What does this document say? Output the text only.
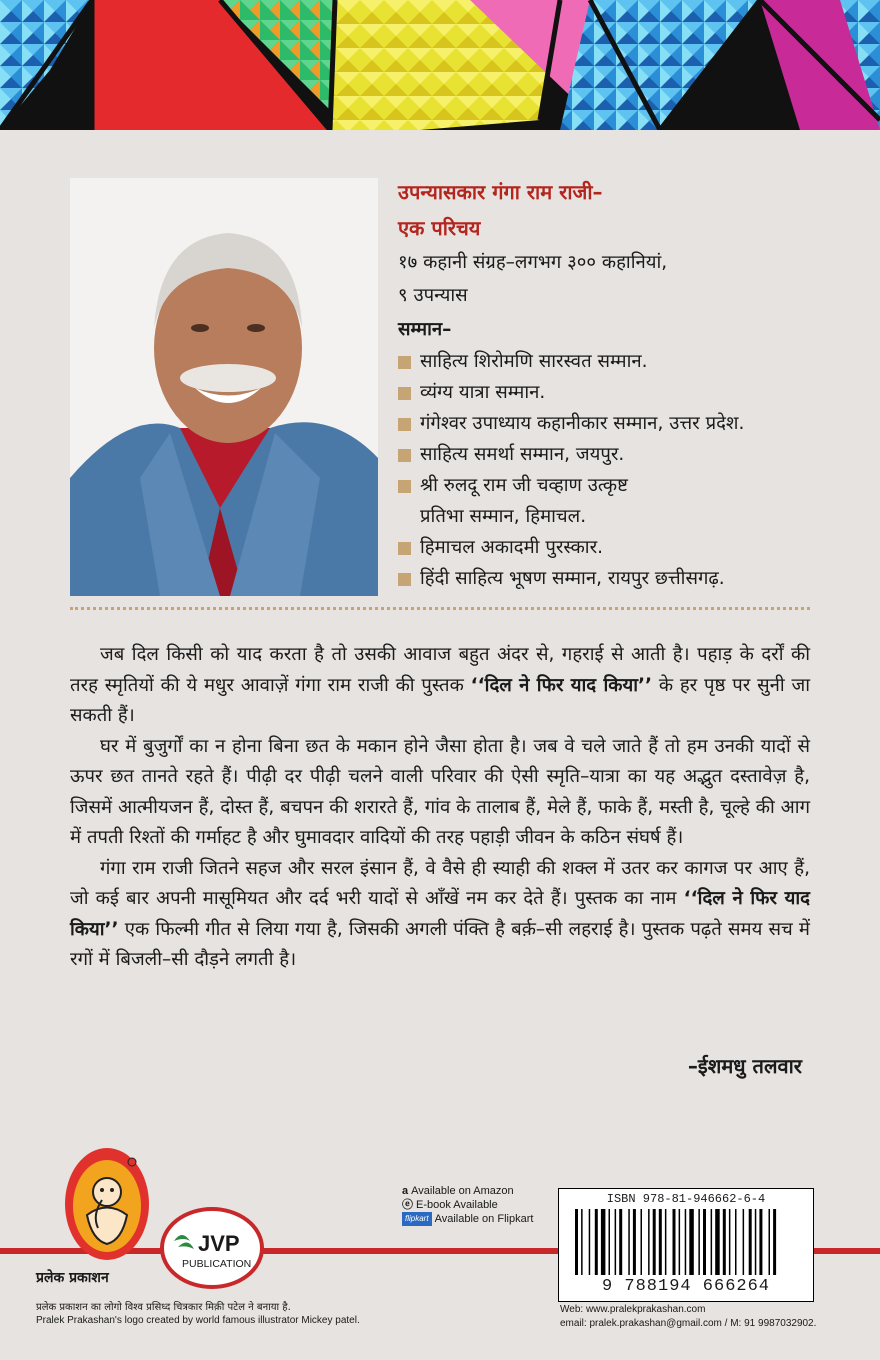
उपन्यासकार गंगा राम राजी–

एक परिचय

१७ कहानी संग्रह–लगभग ३०० कहानियां,

९ उपन्यास

सम्मान–

साहित्य शिरोमणि सारस्वत सम्मान.
व्यंग्य यात्रा सम्मान.
गंगेश्वर उपाध्याय कहानीकार सम्मान, उत्तर प्रदेश.
साहित्य समर्था सम्मान, जयपुर.
श्री रुलदू राम जी चव्हाण उत्कृष्ट
प्रतिभा सम्मान, हिमाचल.
हिमाचल अकादमी पुरस्कार.
हिंदी साहित्य भूषण सम्मान, रायपुर छत्तीसगढ़.

जब दिल किसी को याद करता है तो उसकी आवाज बहुत अंदर से, गहराई से आती है। पहाड़ के दर्रों की तरह स्मृतियों की ये मधुर आवाज़ें गंगा राम राजी की पुस्तक ‘‘दिल ने फिर याद किया’’ के हर पृष्ठ पर सुनी जा सकती हैं।

घर में बुजुर्गों का न होना बिना छत के मकान होने जैसा होता है। जब वे चले जाते हैं तो हम उनकी यादों से ऊपर छत तानते रहते हैं। पीढ़ी दर पीढ़ी चलने वाली परिवार की ऐसी स्मृति–यात्रा का यह अद्भुत दस्तावेज़ है, जिसमें आत्मीयजन हैं, दोस्त हैं, बचपन की शरारते हैं, गांव के तालाब हैं, मेले हैं, फाके हैं, मस्ती है, चूल्हे की आग में तपती रिश्तों की गर्माहट है और घुमावदार वादियों की तरह पहाड़ी जीवन के कठिन संघर्ष हैं।

गंगा राम राजी जितने सहज और सरल इंसान हैं, वे वैसे ही स्याही की शक्ल में उतर कर कागज पर आए हैं, जो कई बार अपनी मासूमियत और दर्द भरी यादों से आँखें नम कर देते हैं। पुस्तक का नाम ‘‘दिल ने फिर याद किया’’ एक फिल्मी गीत से लिया गया है, जिसकी अगली पंक्ति है बर्क़–सी लहराई है। पुस्तक पढ़ते समय सच में रगों में बिजली–सी दौड़ने लगती है।

–ईशमधु तलवार
प्रलेक प्रकाशन
JVP
PUBLICATION
a Available on Amazon
ⓔ E-book Available
flipkart Available on Flipkart
ISBN 978-81-946662-6-4
9 788194 666264
प्रलेक प्रकाशन का लोगो विश्व प्रसिध्द चित्रकार मिक़ी पटेल ने बनाया है.
Pralek Prakashan's logo created by world famous illustrator Mickey patel.
Web: www.pralekprakashan.com
email: pralek.prakashan@gmail.com / M: 91 9987032902.
